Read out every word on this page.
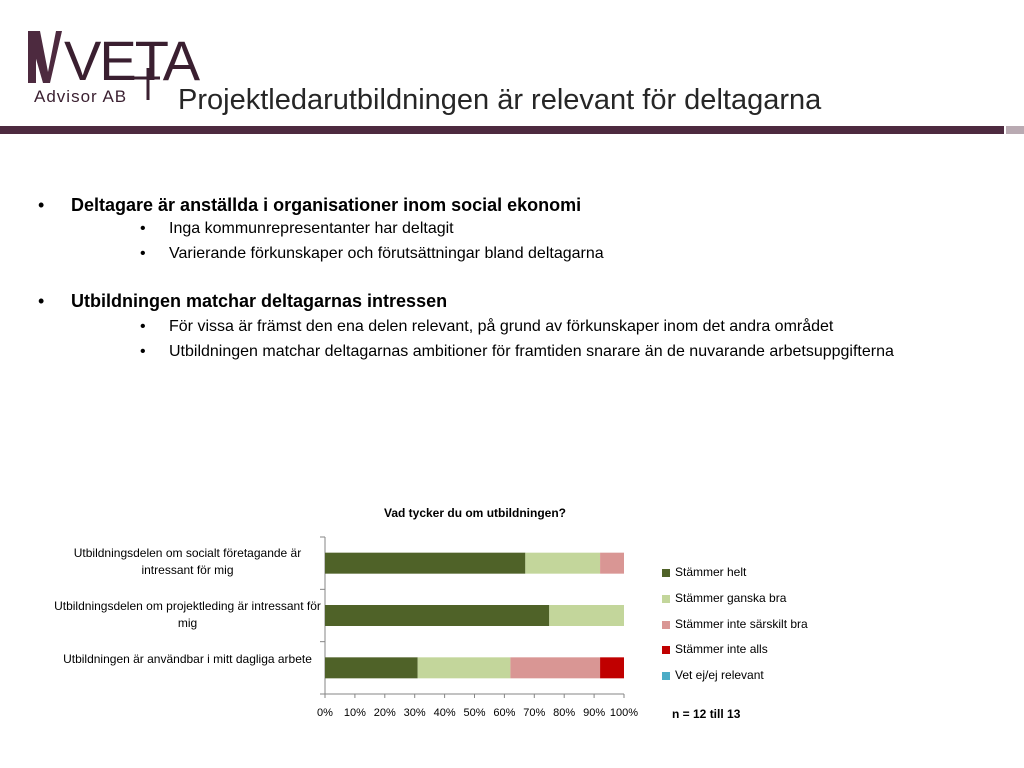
VETA
Advisor AB Projektledarutbildningen är relevant för deltagarna
• Deltagare är anställda i organisationer inom social ekonomi
• Inga kommunrepresentanter har deltagit
• Varierande förkunskaper och förutsättningar bland deltagarna
• Utbildningen matchar deltagarnas intressen
• För vissa är främst den ena delen relevant, på grund av förkunskaper inom det andra området
• Utbildningen matchar deltagarnas ambitioner för framtiden snarare än de nuvarande arbetsuppgifterna
Vad tycker du om utbildningen?
Utbildningsdelen om socialt företagande är intressant för mig
Utbildningsdelen om projektleding är intressant för mig
Utbildningen är användbar i mitt dagliga arbete
0% 10% 20% 30% 40% 50% 60% 70% 80% 90% 100%
Stämmer helt
Stämmer ganska bra
Stämmer inte särskilt bra
Stämmer inte alls
Vet ej/ej relevant
n = 12 till 13
